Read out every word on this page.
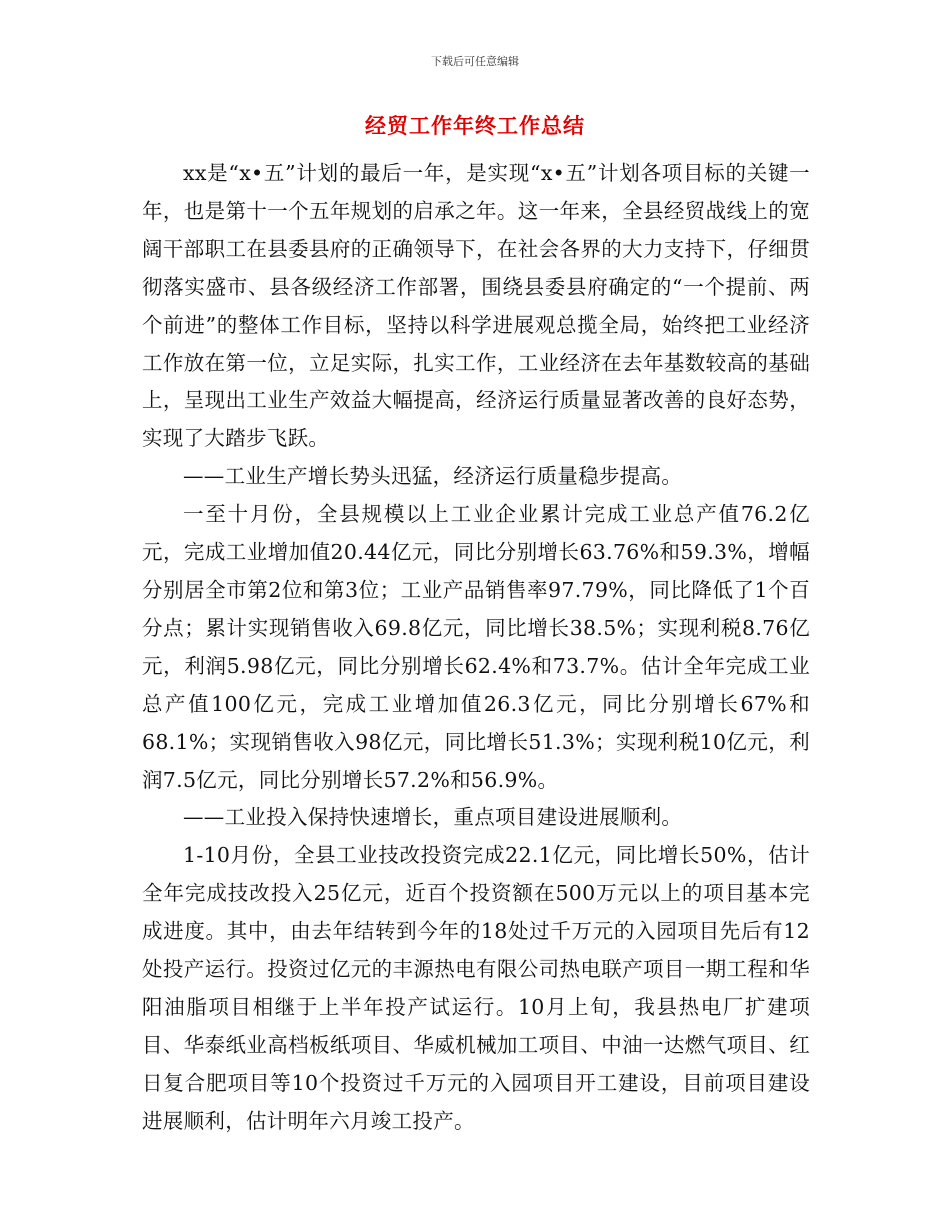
下载后可任意编辑
经贸工作年终工作总结

xx是“x•五”计划的最后一年，是实现“x•五”计划各项目标的关键一年，也是第十一个五年规划的启承之年。这一年来，全县经贸战线上的宽阔干部职工在县委县府的正确领导下，在社会各界的大力支持下，仔细贯彻落实盛市、县各级经济工作部署，围绕县委县府确定的“一个提前、两个前进”的整体工作目标，坚持以科学进展观总揽全局，始终把工业经济工作放在第一位，立足实际，扎实工作，工业经济在去年基数较高的基础上，呈现出工业生产效益大幅提高，经济运行质量显著改善的良好态势，实现了大踏步飞跃。

——工业生产增长势头迅猛，经济运行质量稳步提高。

一至十月份，全县规模以上工业企业累计完成工业总产值76.2亿元，完成工业增加值20.44亿元，同比分别增长63.76%和59.3%，增幅分别居全市第2位和第3位；工业产品销售率97.79%，同比降低了1个百分点；累计实现销售收入69.8亿元，同比增长38.5%；实现利税8.76亿元，利润5.98亿元，同比分别增长62.4%和73.7%。估计全年完成工业总产值100亿元，完成工业增加值26.3亿元，同比分别增长67%和68.1%；实现销售收入98亿元，同比增长51.3%；实现利税10亿元，利润7.5亿元，同比分别增长57.2%和56.9%。

——工业投入保持快速增长，重点项目建设进展顺利。

1-10月份，全县工业技改投资完成22.1亿元，同比增长50%，估计全年完成技改投入25亿元，近百个投资额在500万元以上的项目基本完成进度。其中，由去年结转到今年的18处过千万元的入园项目先后有12处投产运行。投资过亿元的丰源热电有限公司热电联产项目一期工程和华阳油脂项目相继于上半年投产试运行。10月上旬，我县热电厂扩建项目、华泰纸业高档板纸项目、华威机械加工项目、中油一达燃气项目、红日复合肥项目等10个投资过千万元的入园项目开工建设，目前项目建设进展顺利，估计明年六月竣工投产。
